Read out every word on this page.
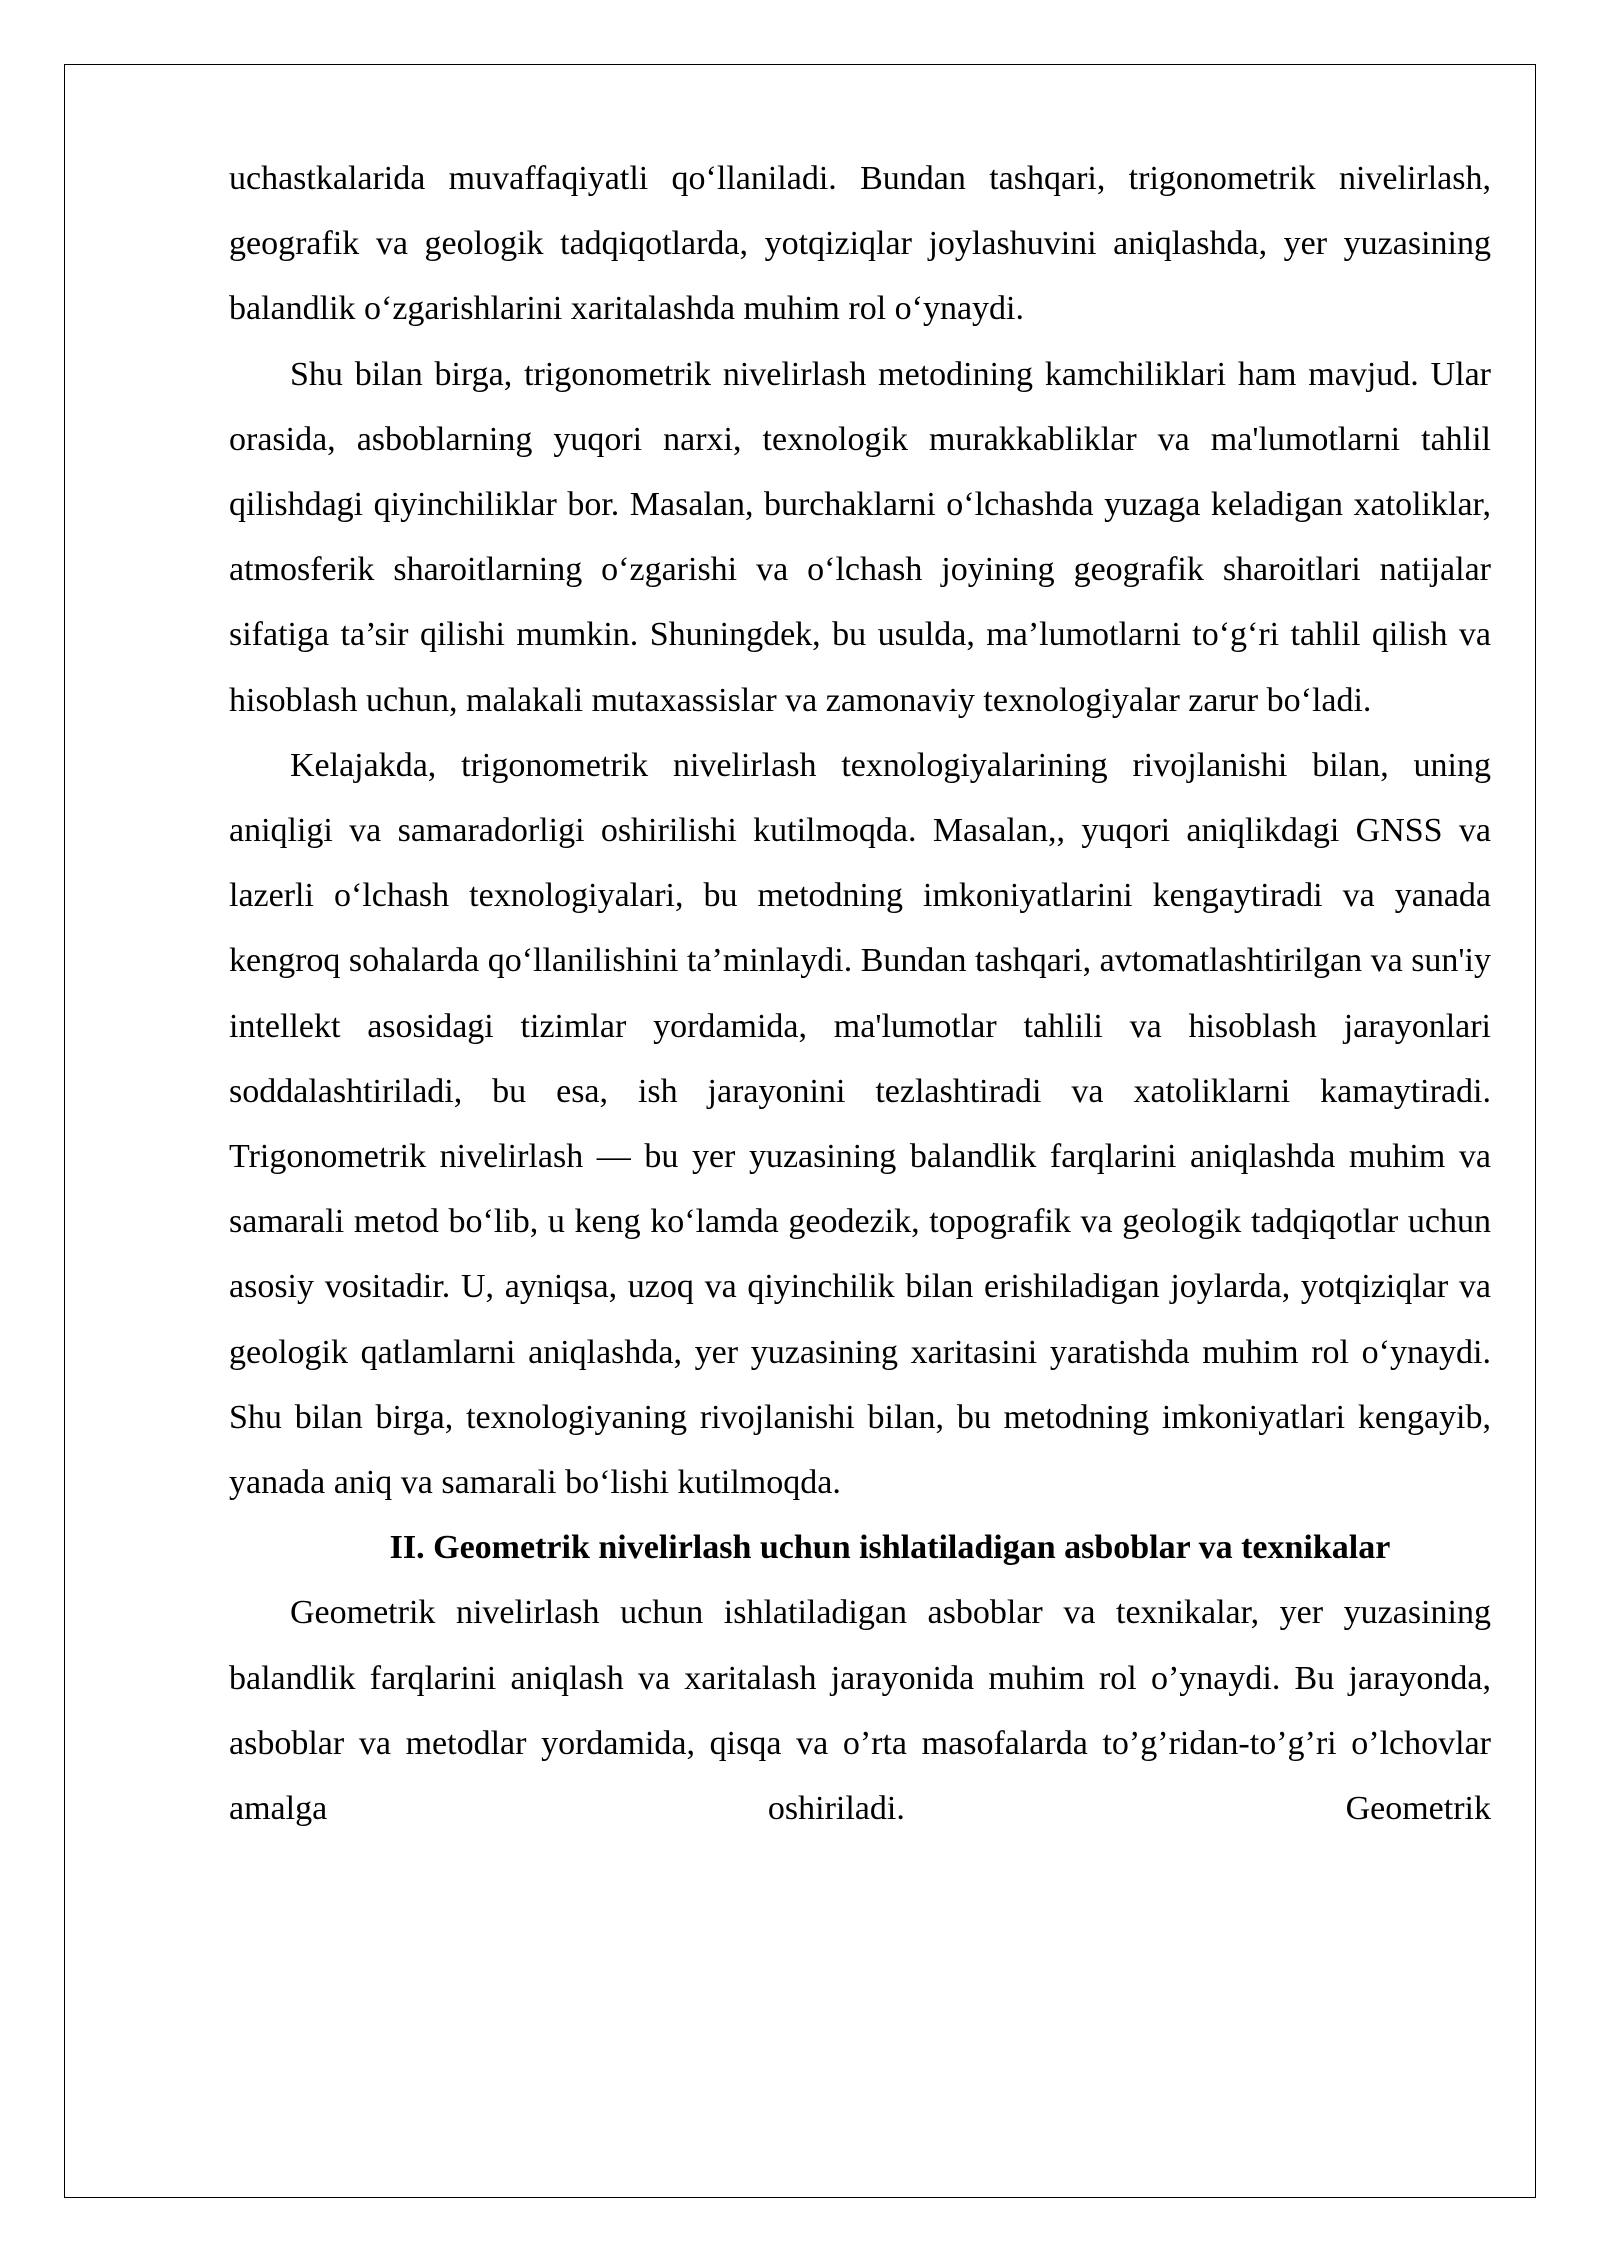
uchastkalarida muvaffaqiyatli qo‘llaniladi. Bundan tashqari, trigonometrik nivelirlash, geografik va geologik tadqiqotlarda, yotqiziqlar joylashuvini aniqlashda, yer yuzasining balandlik o‘zgarishlarini xaritalashda muhim rol o‘ynaydi.

Shu bilan birga, trigonometrik nivelirlash metodining kamchiliklari ham mavjud. Ular orasida, asboblarning yuqori narxi, texnologik murakkabliklar va ma'lumotlarni tahlil qilishdagi qiyinchiliklar bor. Masalan, burchaklarni o‘lchashda yuzaga keladigan xatoliklar, atmosferik sharoitlarning o‘zgarishi va o‘lchash joyining geografik sharoitlari natijalar sifatiga ta’sir qilishi mumkin. Shuningdek, bu usulda, ma’lumotlarni to‘g‘ri tahlil qilish va hisoblash uchun, malakali mutaxassislar va zamonaviy texnologiyalar zarur bo‘ladi.

Kelajakda, trigonometrik nivelirlash texnologiyalarining rivojlanishi bilan, uning aniqligi va samaradorligi oshirilishi kutilmoqda. Masalan,, yuqori aniqlikdagi GNSS va lazerli o‘lchash texnologiyalari, bu metodning imkoniyatlarini kengaytiradi va yanada kengroq sohalarda qo‘llanilishini ta’minlaydi. Bundan tashqari, avtomatlashtirilgan va sun'iy intellekt asosidagi tizimlar yordamida, ma'lumotlar tahlili va hisoblash jarayonlari soddalashtiriladi, bu esa, ish jarayonini tezlashtiradi va xatoliklarni kamaytiradi. Trigonometrik nivelirlash — bu yer yuzasining balandlik farqlarini aniqlashda muhim va samarali metod bo‘lib, u keng ko‘lamda geodezik, topografik va geologik tadqiqotlar uchun asosiy vositadir. U, ayniqsa, uzoq va qiyinchilik bilan erishiladigan joylarda, yotqiziqlar va geologik qatlamlarni aniqlashda, yer yuzasining xaritasini yaratishda muhim rol o‘ynaydi. Shu bilan birga, texnologiyaning rivojlanishi bilan, bu metodning imkoniyatlari kengayib, yanada aniq va samarali bo‘lishi kutilmoqda.

II. Geometrik nivelirlash uchun ishlatiladigan asboblar va texnikalar

Geometrik nivelirlash uchun ishlatiladigan asboblar va texnikalar, yer yuzasining balandlik farqlarini aniqlash va xaritalash jarayonida muhim rol o’ynaydi. Bu jarayonda, asboblar va metodlar yordamida, qisqa va o’rta masofalarda to’g’ridan-to’g’ri o’lchovlar amalga oshiriladi. Geometrik
